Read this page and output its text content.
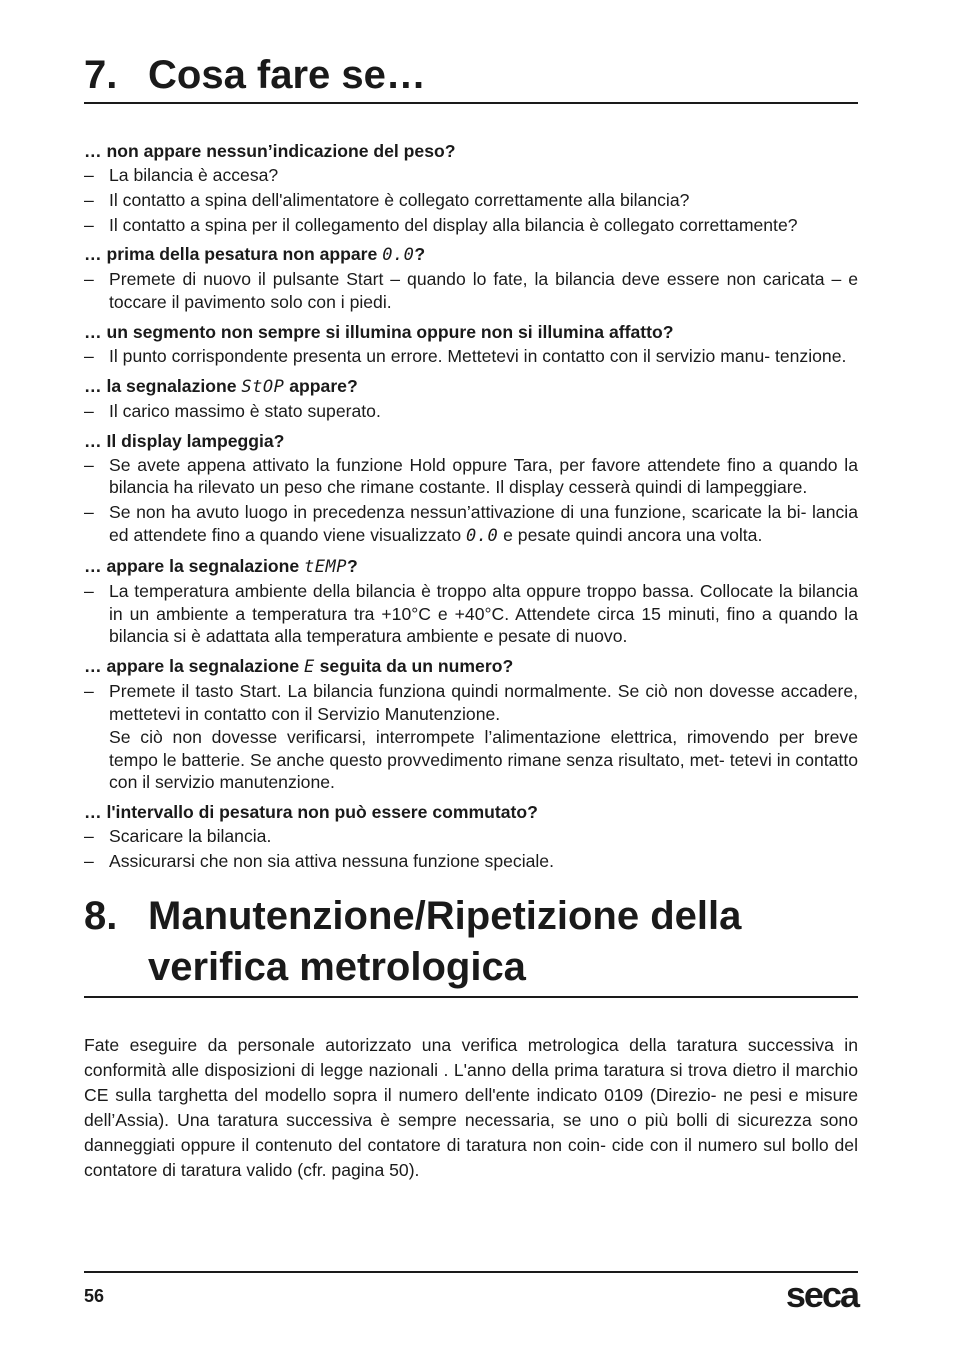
7. Cosa fare se…
… non appare nessun’indicazione del peso?
– La bilancia è accesa?
– Il contatto a spina dell'alimentatore è collegato correttamente alla bilancia?
– Il contatto a spina per il collegamento del display alla bilancia è collegato correttamente?
… prima della pesatura non appare 0.0?
– Premete di nuovo il pulsante Start – quando lo fate, la bilancia deve essere non caricata – e toccare il pavimento solo con i piedi.
… un segmento non sempre si illumina oppure non si illumina affatto?
– Il punto corrispondente presenta un errore. Mettetevi in contatto con il servizio manu- tenzione.
… la segnalazione StOP appare?
– Il carico massimo è stato superato.
… Il display lampeggia?
– Se avete appena attivato la funzione Hold oppure Tara, per favore attendete fino a quando la bilancia ha rilevato un peso che rimane costante. Il display cesserà quindi di lampeggiare.
– Se non ha avuto luogo in precedenza nessun’attivazione di una funzione, scaricate la bi- lancia ed attendete fino a quando viene visualizzato 0.0 e pesate quindi ancora una volta.
… appare la segnalazione tEMP?
– La temperatura ambiente della bilancia è troppo alta oppure troppo bassa. Collocate la bilancia in un ambiente a temperatura tra +10°C e +40°C. Attendete circa 15 minuti, fino a quando la bilancia si è adattata alla temperatura ambiente e pesate di nuovo.
… appare la segnalazione E seguita da un numero?
– Premete il tasto Start. La bilancia funziona quindi normalmente. Se ciò non dovesse accadere, mettetevi in contatto con il Servizio Manutenzione.
Se ciò non dovesse verificarsi, interrompete l’alimentazione elettrica, rimovendo per breve tempo le batterie. Se anche questo provvedimento rimane senza risultato, met- tetevi in contatto con il servizio manutenzione.
… l'intervallo di pesatura non può essere commutato?
– Scaricare la bilancia.
– Assicurarsi che non sia attiva nessuna funzione speciale.
8. Manutenzione/Ripetizione della
verifica metrologica

Fate eseguire da personale autorizzato una verifica metrologica della taratura successiva in conformità alle disposizioni di legge nazionali . L'anno della prima taratura si trova dietro il marchio CE sulla targhetta del modello sopra il numero dell'ente indicato 0109 (Direzio- ne pesi e misure dell’Assia). Una taratura successiva è sempre necessaria, se uno o più bolli di sicurezza sono danneggiati oppure il contenuto del contatore di taratura non coin- cide con il numero sul bollo del contatore di taratura valido (cfr. pagina 50).

56	seca
